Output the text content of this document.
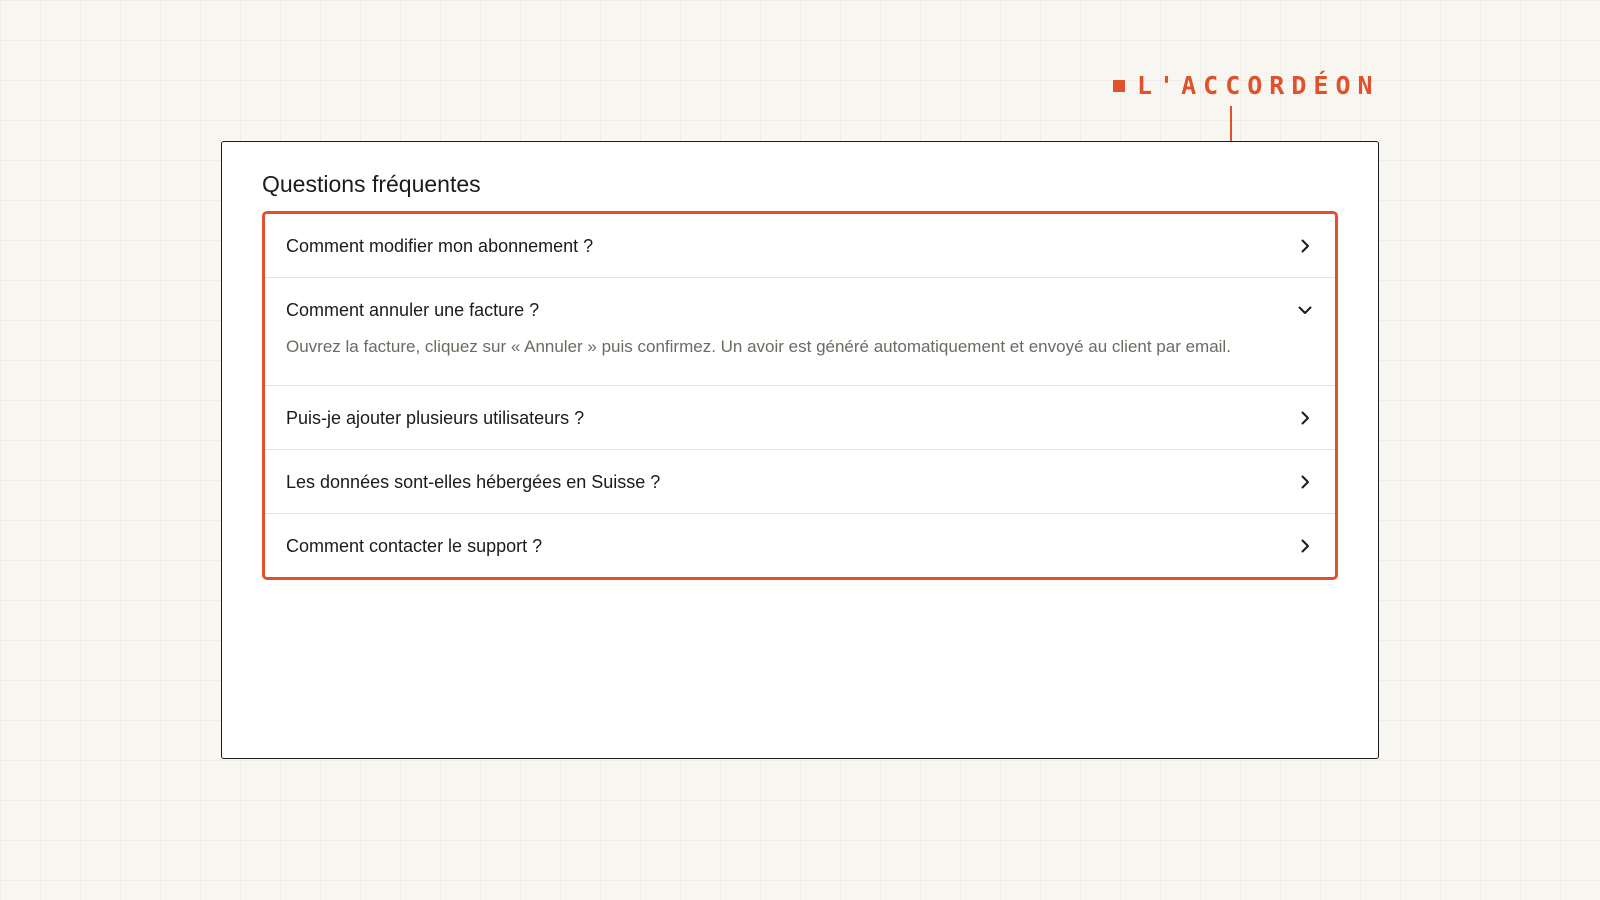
L'ACCORDÉON
Questions fréquentes
Comment modifier mon abonnement ?
Comment annuler une facture ?
Ouvrez la facture, cliquez sur « Annuler » puis confirmez. Un avoir est généré automatiquement et envoyé au client par email.
Puis-je ajouter plusieurs utilisateurs ?
Les données sont-elles hébergées en Suisse ?
Comment contacter le support ?
